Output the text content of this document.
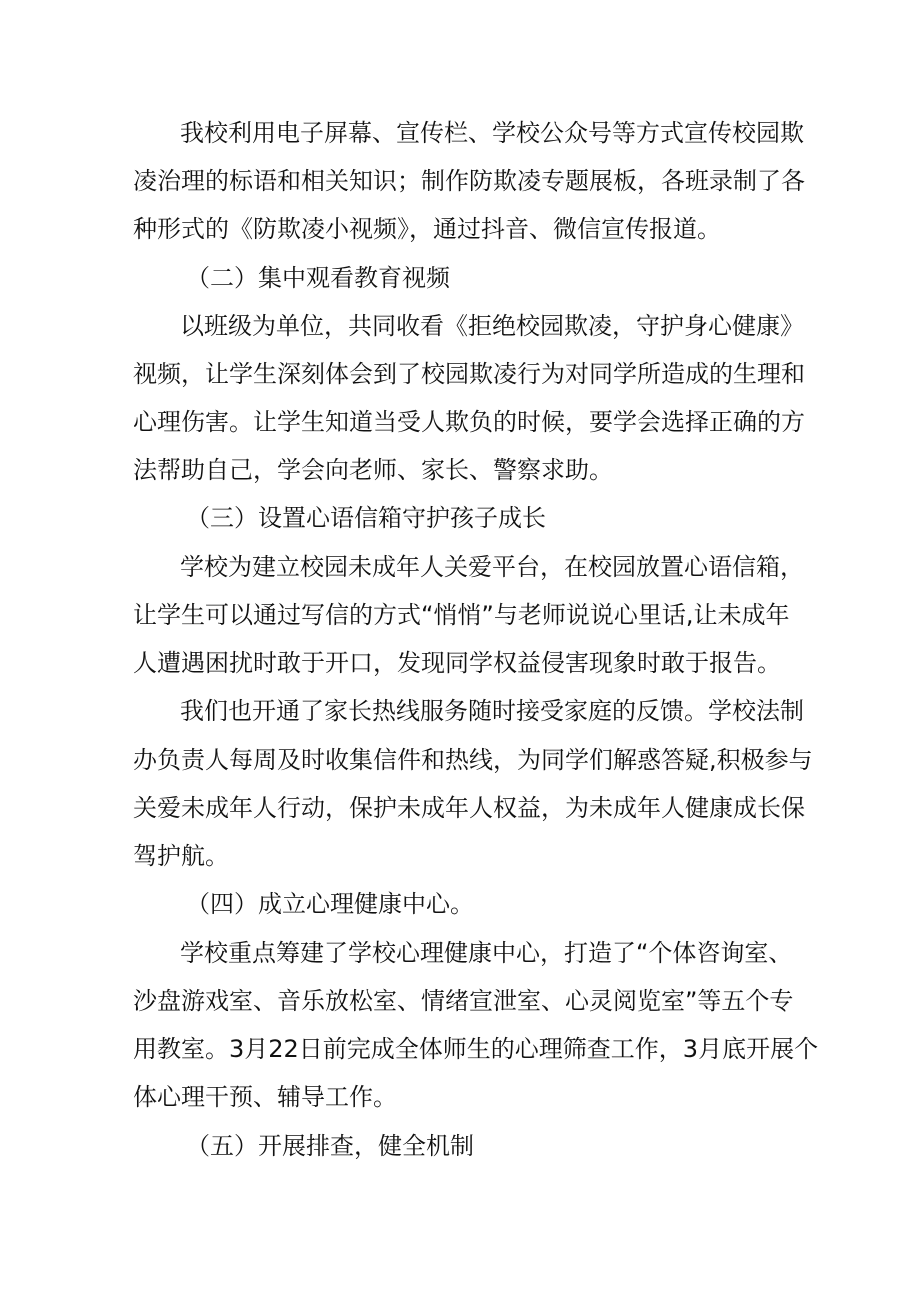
我校利用电子屏幕、宣传栏、学校公众号等方式宣传校园欺

凌治理的标语和相关知识；制作防欺凌专题展板，各班录制了各

种形式的《防欺凌小视频》，通过抖音、微信宣传报道。

（二）集中观看教育视频

以班级为单位，共同收看《拒绝校园欺凌，守护身心健康》

视频，让学生深刻体会到了校园欺凌行为对同学所造成的生理和

心理伤害。让学生知道当受人欺负的时候，要学会选择正确的方

法帮助自己，学会向老师、家长、警察求助。

（三）设置心语信箱守护孩子成长

学校为建立校园未成年人关爱平台，在校园放置心语信箱，

让学生可以通过写信的方式“悄悄”与老师说说心里话,让未成年

人遭遇困扰时敢于开口，发现同学权益侵害现象时敢于报告。

我们也开通了家长热线服务随时接受家庭的反馈。学校法制

办负责人每周及时收集信件和热线，为同学们解惑答疑,积极参与

关爱未成年人行动，保护未成年人权益，为未成年人健康成长保

驾护航。

（四）成立心理健康中心。

学校重点筹建了学校心理健康中心，打造了“个体咨询室、

沙盘游戏室、音乐放松室、情绪宣泄室、心灵阅览室”等五个专

用教室。3月22日前完成全体师生的心理筛查工作，3月底开展个

体心理干预、辅导工作。

（五）开展排查，健全机制
